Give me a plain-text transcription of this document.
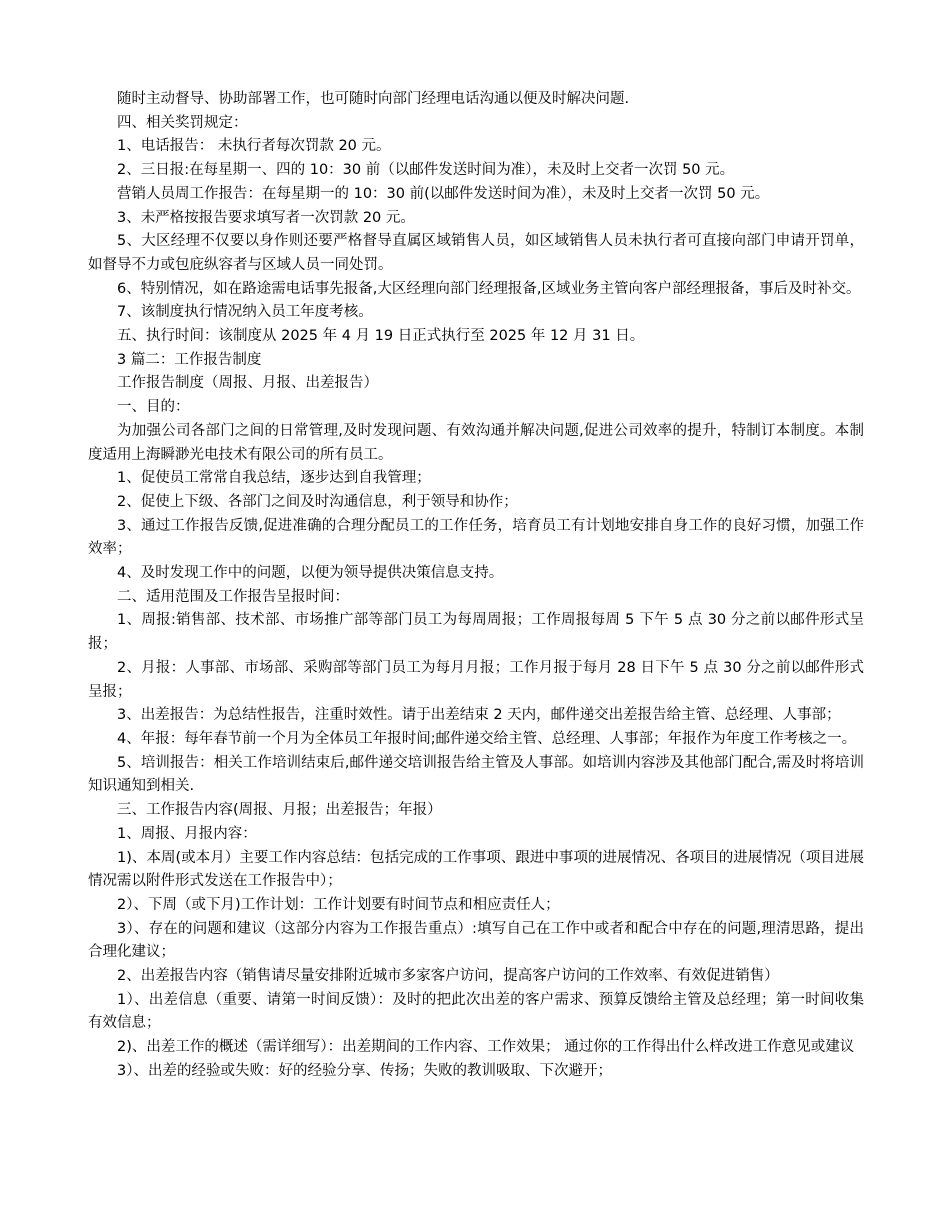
随时主动督导、协助部署工作，也可随时向部门经理电话沟通以便及时解决问题.

四、相关奖罚规定：

1、电话报告： 未执行者每次罚款 20 元。

2、三日报:在每星期一、四的 10：30 前（以邮件发送时间为准），未及时上交者一次罚 50 元。

营销人员周工作报告：在每星期一的 10：30 前(以邮件发送时间为准），未及时上交者一次罚 50 元。

3、未严格按报告要求填写者一次罚款 20 元。

5、大区经理不仅要以身作则还要严格督导直属区域销售人员，如区域销售人员未执行者可直接向部门申请开罚单，如督导不力或包庇纵容者与区域人员一同处罚。

6、特别情况，如在路途需电话事先报备,大区经理向部门经理报备,区域业务主管向客户部经理报备，事后及时补交。

7、该制度执行情况纳入员工年度考核。

五、执行时间：该制度从 2025 年 4 月 19 日正式执行至 2025 年 12 月 31 日。

3 篇二：工作报告制度

工作报告制度（周报、月报、出差报告）

一、目的：

为加强公司各部门之间的日常管理,及时发现问题、有效沟通并解决问题,促进公司效率的提升，特制订本制度。本制度适用上海瞬渺光电技术有限公司的所有员工。

1、促使员工常常自我总结，逐步达到自我管理；

2、促使上下级、各部门之间及时沟通信息，利于领导和协作；

3、通过工作报告反馈,促进准确的合理分配员工的工作任务，培育员工有计划地安排自身工作的良好习惯，加强工作效率；

4、及时发现工作中的问题，以便为领导提供决策信息支持。

二、适用范围及工作报告呈报时间：

1、周报:销售部、技术部、市场推广部等部门员工为每周周报；工作周报每周 5 下午 5 点 30 分之前以邮件形式呈报；

2、月报：人事部、市场部、采购部等部门员工为每月月报；工作月报于每月 28 日下午 5 点 30 分之前以邮件形式呈报；

3、出差报告：为总结性报告，注重时效性。请于出差结束 2 天内，邮件递交出差报告给主管、总经理、人事部；

4、年报：每年春节前一个月为全体员工年报时间;邮件递交给主管、总经理、人事部；年报作为年度工作考核之一。

5、培训报告：相关工作培训结束后,邮件递交培训报告给主管及人事部。如培训内容涉及其他部门配合,需及时将培训知识通知到相关.

三、工作报告内容(周报、月报；出差报告；年报）

1、周报、月报内容：

1)、本周(或本月）主要工作内容总结：包括完成的工作事项、跟进中事项的进展情况、各项目的进展情况（项目进展情况需以附件形式发送在工作报告中）；

2）、下周（或下月)工作计划：工作计划要有时间节点和相应责任人；

3）、存在的问题和建议（这部分内容为工作报告重点）:填写自己在工作中或者和配合中存在的问题,理清思路，提出合理化建议；

2、出差报告内容（销售请尽量安排附近城市多家客户访问，提高客户访问的工作效率、有效促进销售）

1）、出差信息（重要、请第一时间反馈）：及时的把此次出差的客户需求、预算反馈给主管及总经理；第一时间收集有效信息；

2)、出差工作的概述（需详细写）：出差期间的工作内容、工作效果； 通过你的工作得出什么样改进工作意见或建议

3）、出差的经验或失败：好的经验分享、传扬；失败的教训吸取、下次避开；
